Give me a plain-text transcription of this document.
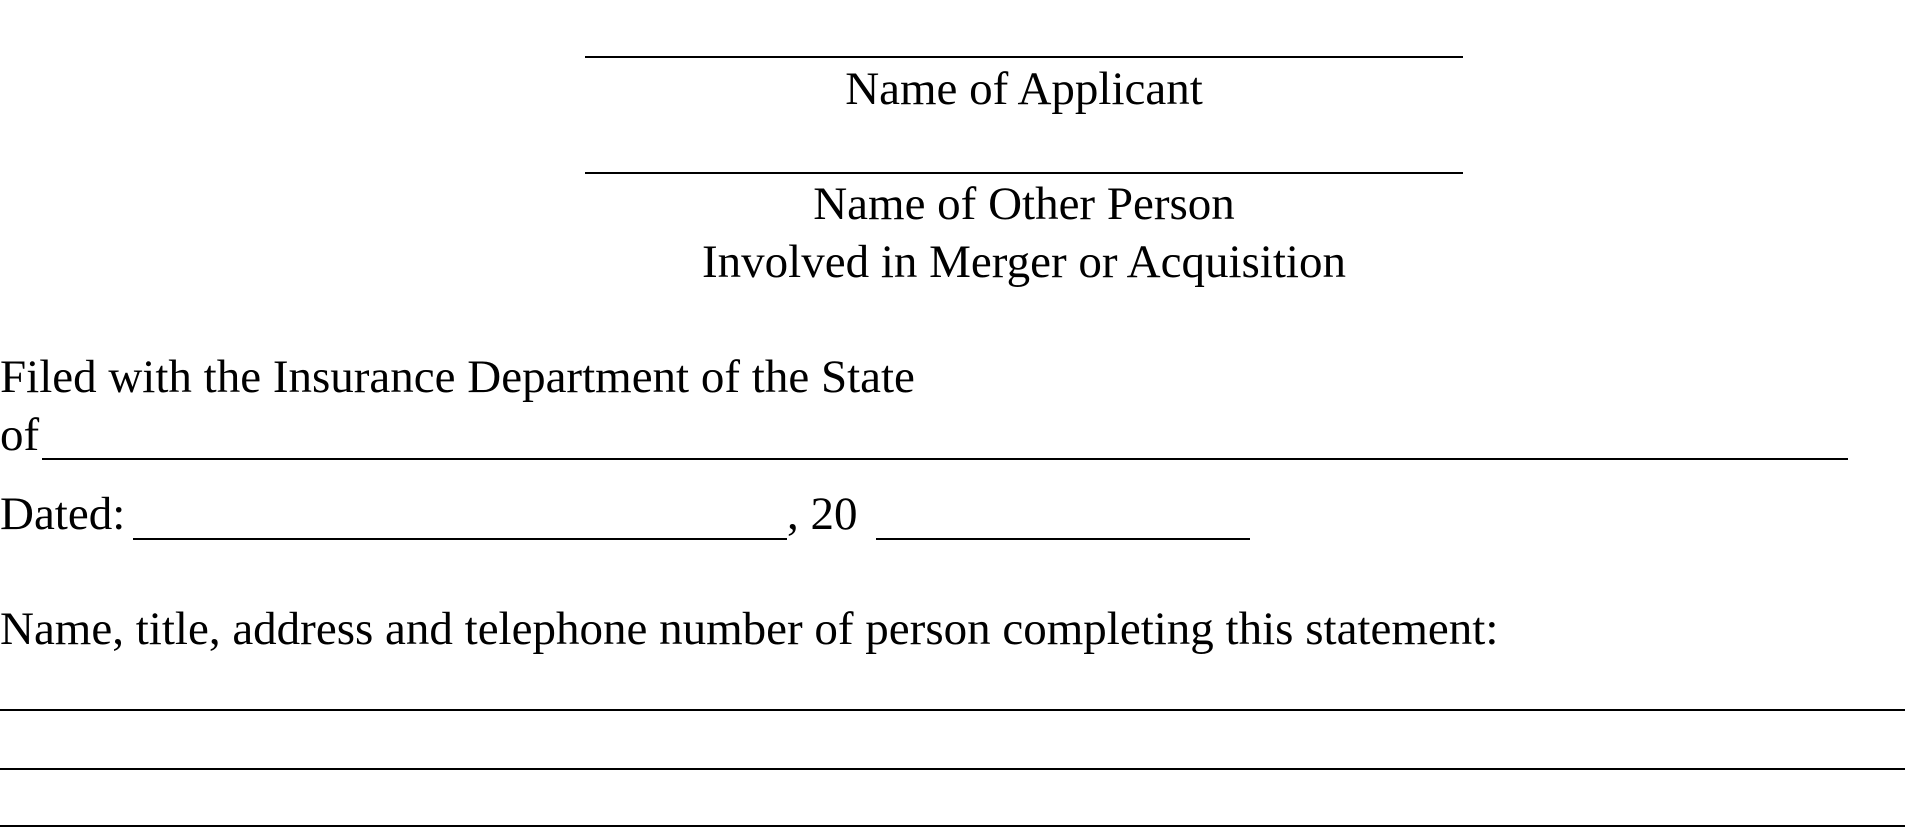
Name of Applicant
Name of Other Person
Involved in Merger or Acquisition
Filed with the Insurance Department of the State
of
Dated:	, 20
Name, title, address and telephone number of person completing this statement:
